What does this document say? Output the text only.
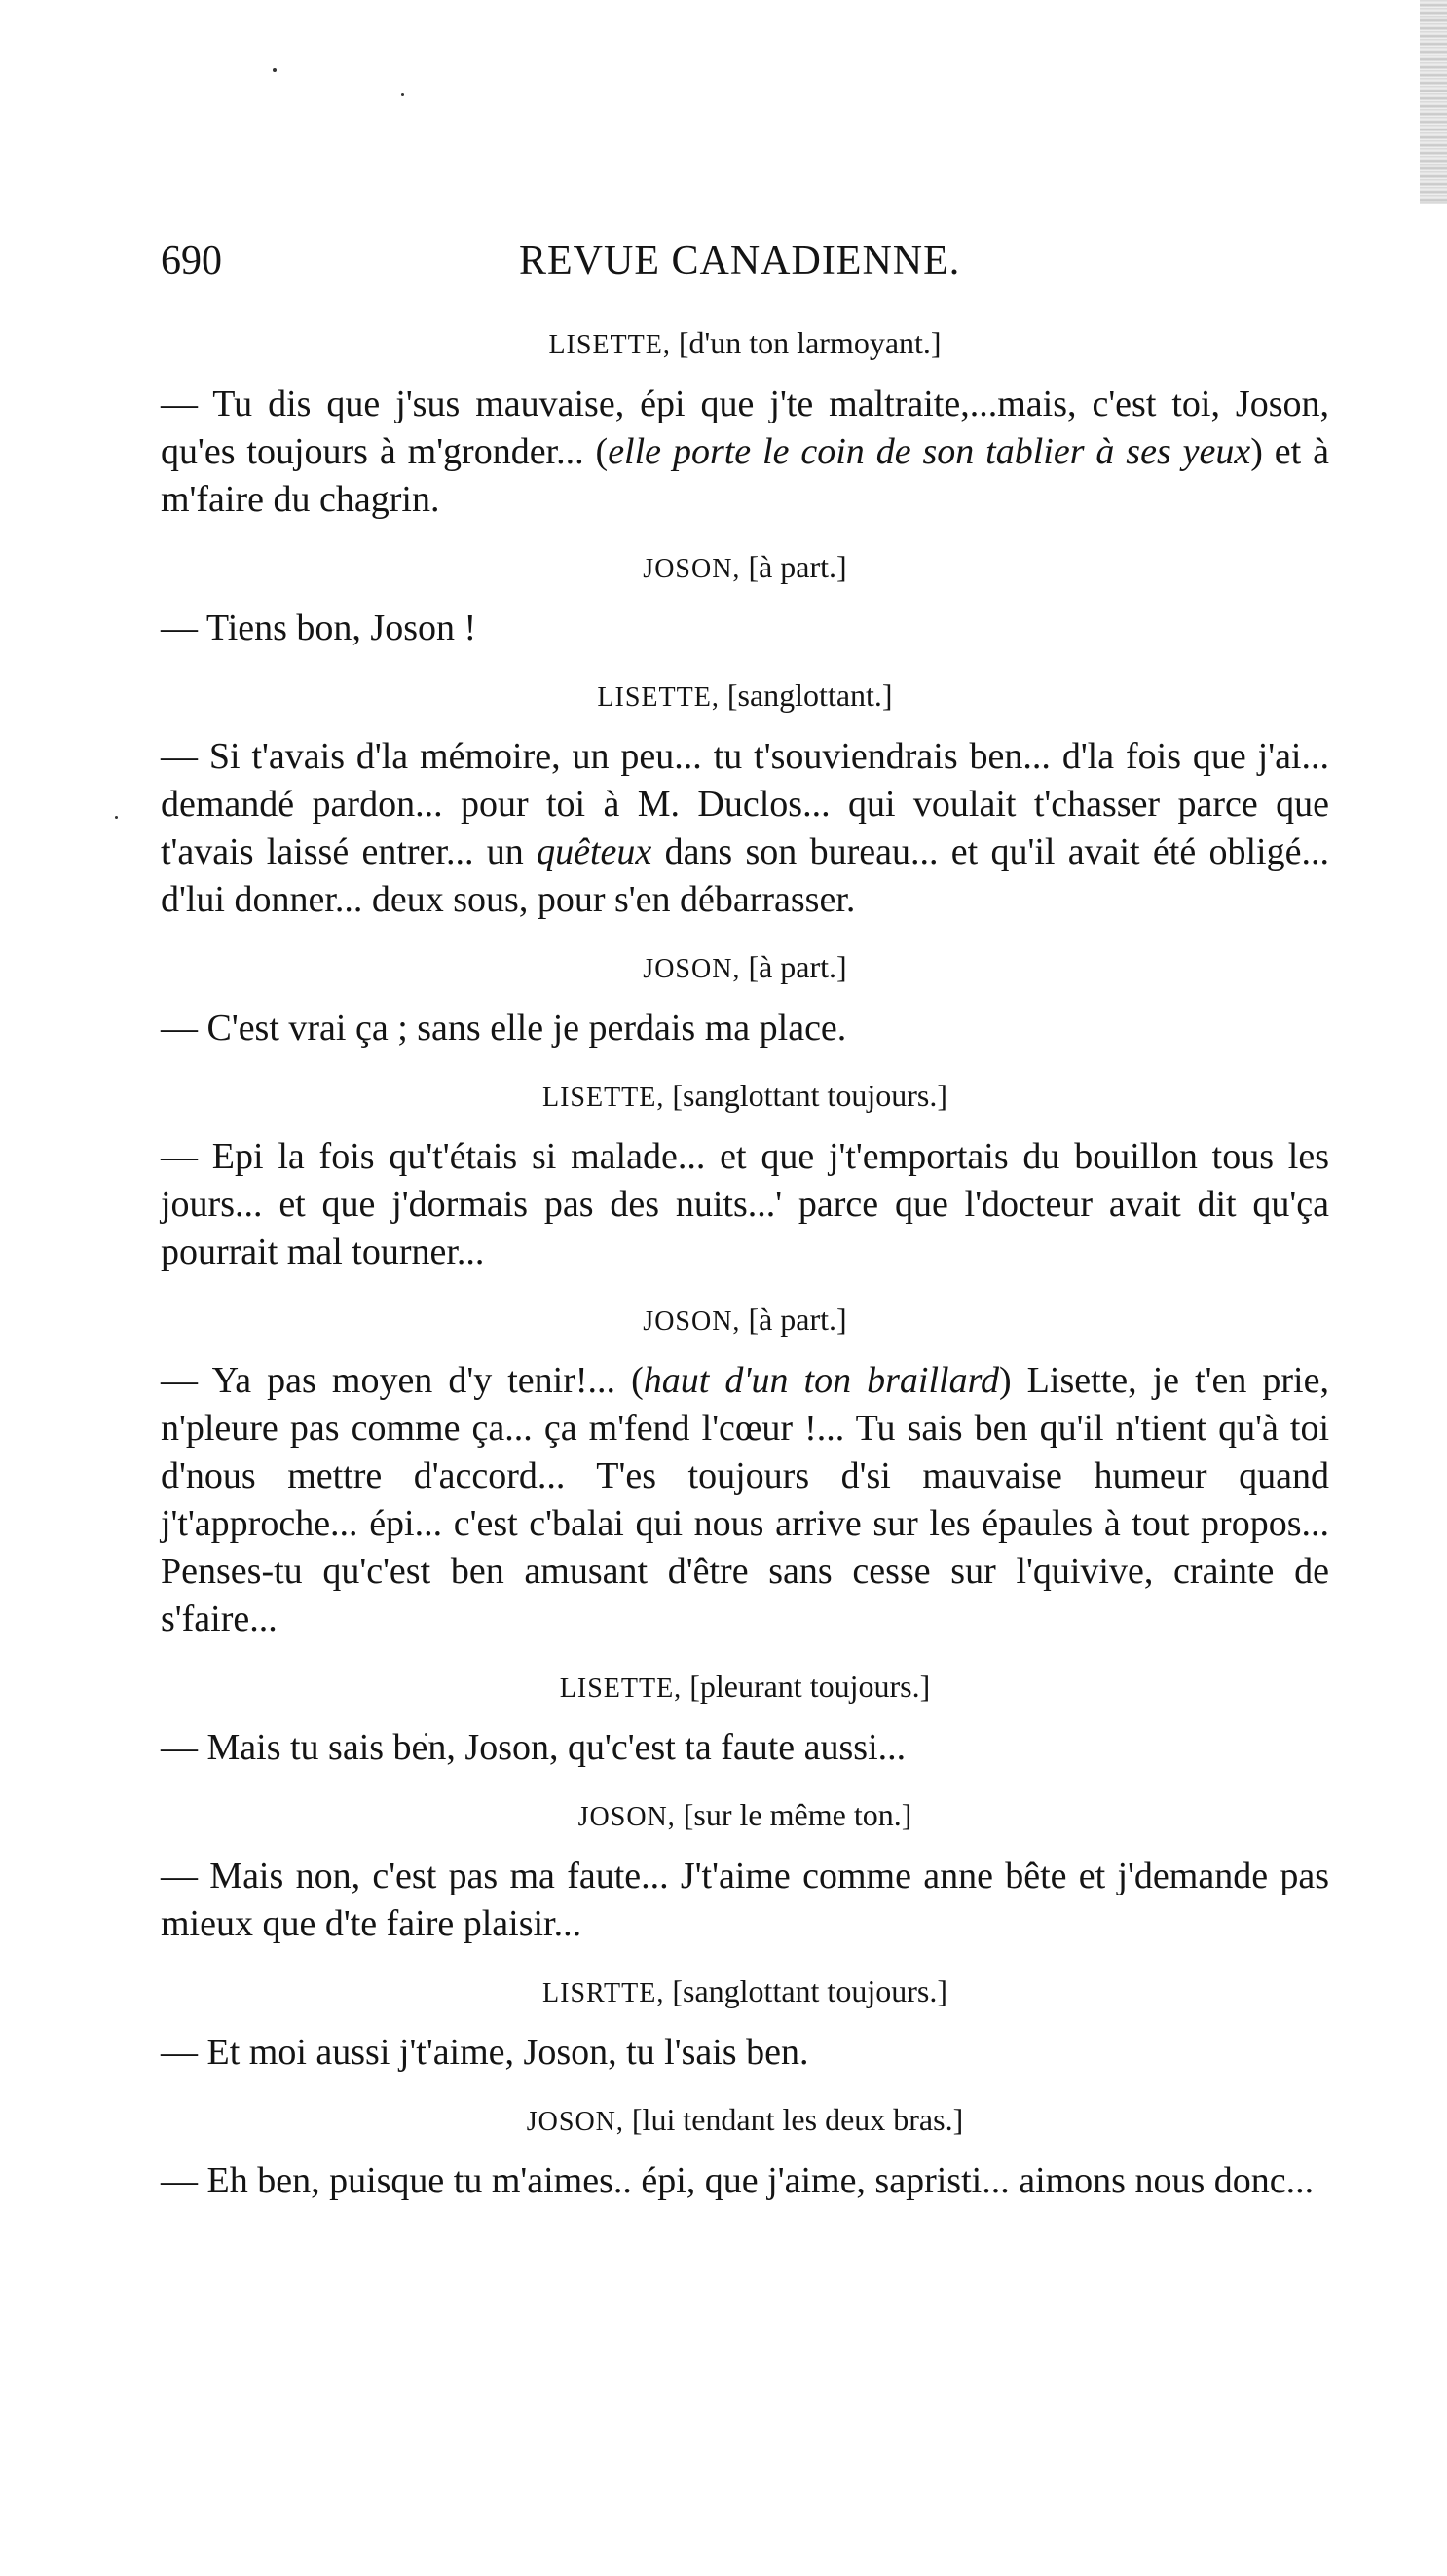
690	REVUE CANADIENNE.
LISETTE, [d'un ton larmoyant.]

— Tu dis que j'sus mauvaise, épi que j'te maltraite,...mais, c'est toi, Joson, qu'es toujours à m'gronder... (elle porte le coin de son tablier à ses yeux) et à m'faire du chagrin.

JOSON, [à part.]

— Tiens bon, Joson !

LISETTE, [sanglottant.]

— Si t'avais d'la mémoire, un peu... tu t'souviendrais ben... d'la fois que j'ai... demandé pardon... pour toi à M. Duclos... qui voulait t'chasser parce que t'avais laissé entrer... un quêteux dans son bureau... et qu'il avait été obligé... d'lui donner... deux sous, pour s'en débarrasser.

JOSON, [à part.]

— C'est vrai ça ; sans elle je perdais ma place.

LISETTE, [sanglottant toujours.]

— Epi la fois qu't'étais si malade... et que j't'emportais du bouillon tous les jours... et que j'dormais pas des nuits...' parce que l'docteur avait dit qu'ça pourrait mal tourner...

JOSON, [à part.]

— Ya pas moyen d'y tenir!... (haut d'un ton braillard) Lisette, je t'en prie, n'pleure pas comme ça... ça m'fend l'cœur !... Tu sais ben qu'il n'tient qu'à toi d'nous mettre d'accord... T'es toujours d'si mauvaise humeur quand j't'approche... épi... c'est c'balai qui nous arrive sur les épaules à tout propos... Penses-tu qu'c'est ben amusant d'être sans cesse sur l'quivive, crainte de s'faire...

LISETTE, [pleurant toujours.]

— Mais tu sais ben, Joson, qu'c'est ta faute aussi...

JOSON, [sur le même ton.]

— Mais non, c'est pas ma faute... J't'aime comme anne bête et j'demande pas mieux que d'te faire plaisir...

LISRTTE, [sanglottant toujours.]

— Et moi aussi j't'aime, Joson, tu l'sais ben.

JOSON, [lui tendant les deux bras.]

— Eh ben, puisque tu m'aimes.. épi, que j'aime, sapristi... aimons nous donc...
